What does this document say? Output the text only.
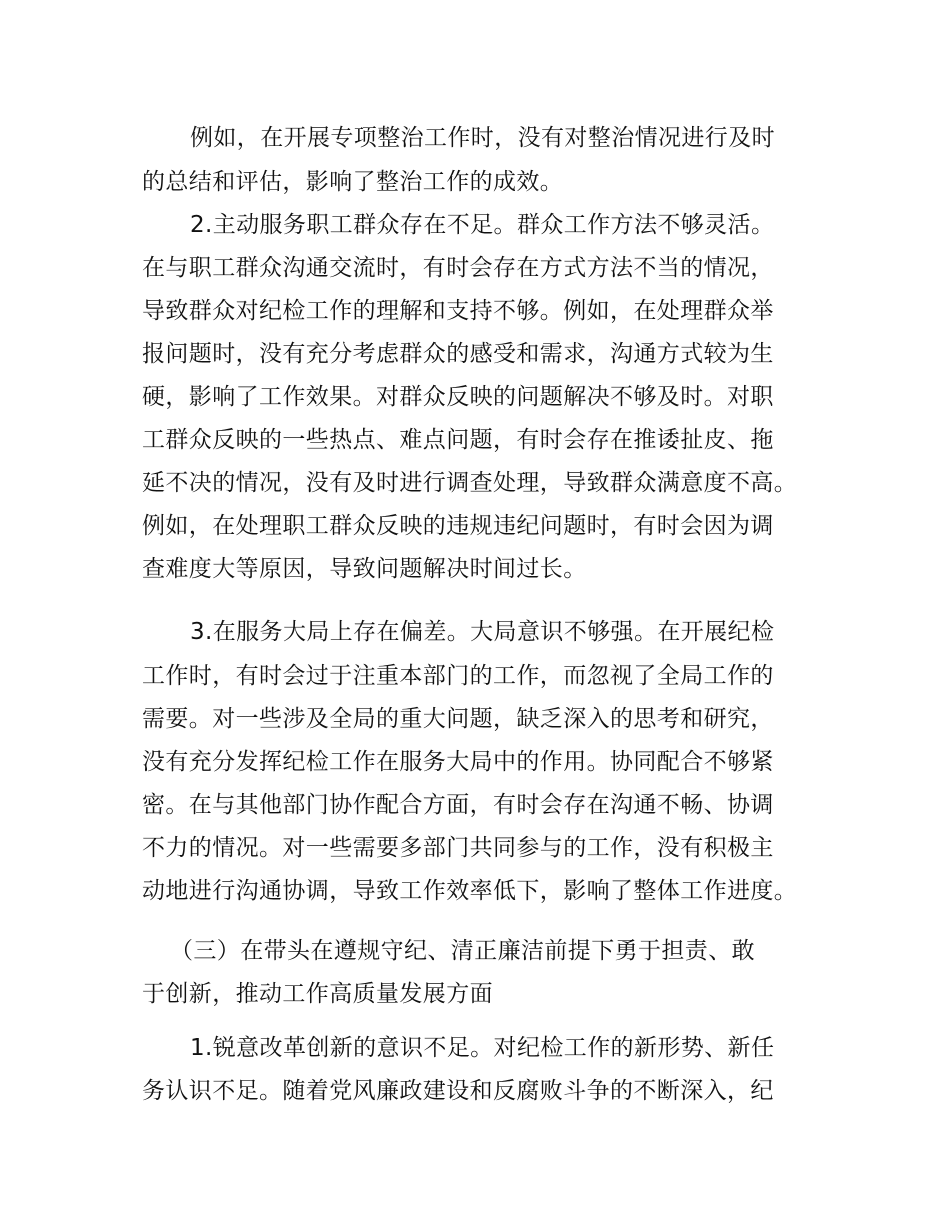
例如，在开展专项整治工作时，没有对整治情况进行及时

的总结和评估，影响了整治工作的成效。

2.主动服务职工群众存在不足。群众工作方法不够灵活。

在与职工群众沟通交流时，有时会存在方式方法不当的情况，

导致群众对纪检工作的理解和支持不够。例如，在处理群众举

报问题时，没有充分考虑群众的感受和需求，沟通方式较为生

硬，影响了工作效果。对群众反映的问题解决不够及时。对职

工群众反映的一些热点、难点问题，有时会存在推诿扯皮、拖

延不决的情况，没有及时进行调查处理，导致群众满意度不高。

例如，在处理职工群众反映的违规违纪问题时，有时会因为调

查难度大等原因，导致问题解决时间过长。

3.在服务大局上存在偏差。大局意识不够强。在开展纪检

工作时，有时会过于注重本部门的工作，而忽视了全局工作的

需要。对一些涉及全局的重大问题，缺乏深入的思考和研究，

没有充分发挥纪检工作在服务大局中的作用。协同配合不够紧

密。在与其他部门协作配合方面，有时会存在沟通不畅、协调

不力的情况。对一些需要多部门共同参与的工作，没有积极主

动地进行沟通协调，导致工作效率低下，影响了整体工作进度。

（三）在带头在遵规守纪、清正廉洁前提下勇于担责、敢

于创新，推动工作高质量发展方面

1.锐意改革创新的意识不足。对纪检工作的新形势、新任

务认识不足。随着党风廉政建设和反腐败斗争的不断深入，纪
